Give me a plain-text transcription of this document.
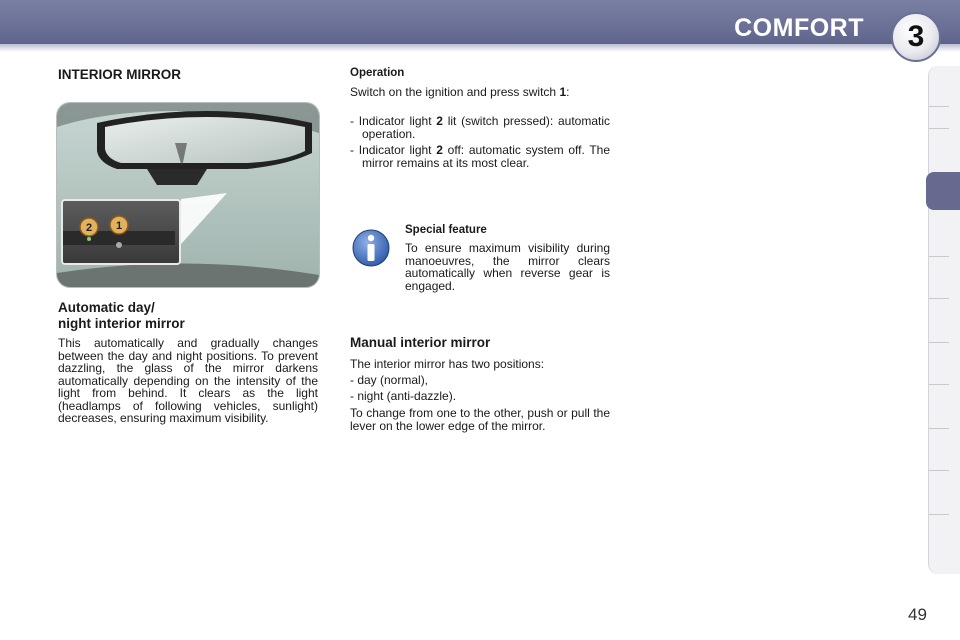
COMFORT 3
INTERIOR MIRROR
2 1
Automatic day/
night interior mirror

This automatically and gradually changes between the day and night positions. To prevent dazzling, the glass of the mirror darkens automatically depending on the intensity of the light from behind. It clears as the light (headlamps of following vehicles, sunlight) decreases, ensuring maximum visibility.

Operation

Switch on the ignition and press switch 1:

- Indicator light 2 lit (switch pressed): automatic operation.
- Indicator light 2 off: automatic system off. The mirror remains at its most clear.
Special feature

To ensure maximum visibility during manoeuvres, the mirror clears automatically when reverse gear is engaged.
Manual interior mirror

The interior mirror has two positions:

- day (normal),
- night (anti-dazzle).

To change from one to the other, push or pull the lever on the lower edge of the mirror.

49
